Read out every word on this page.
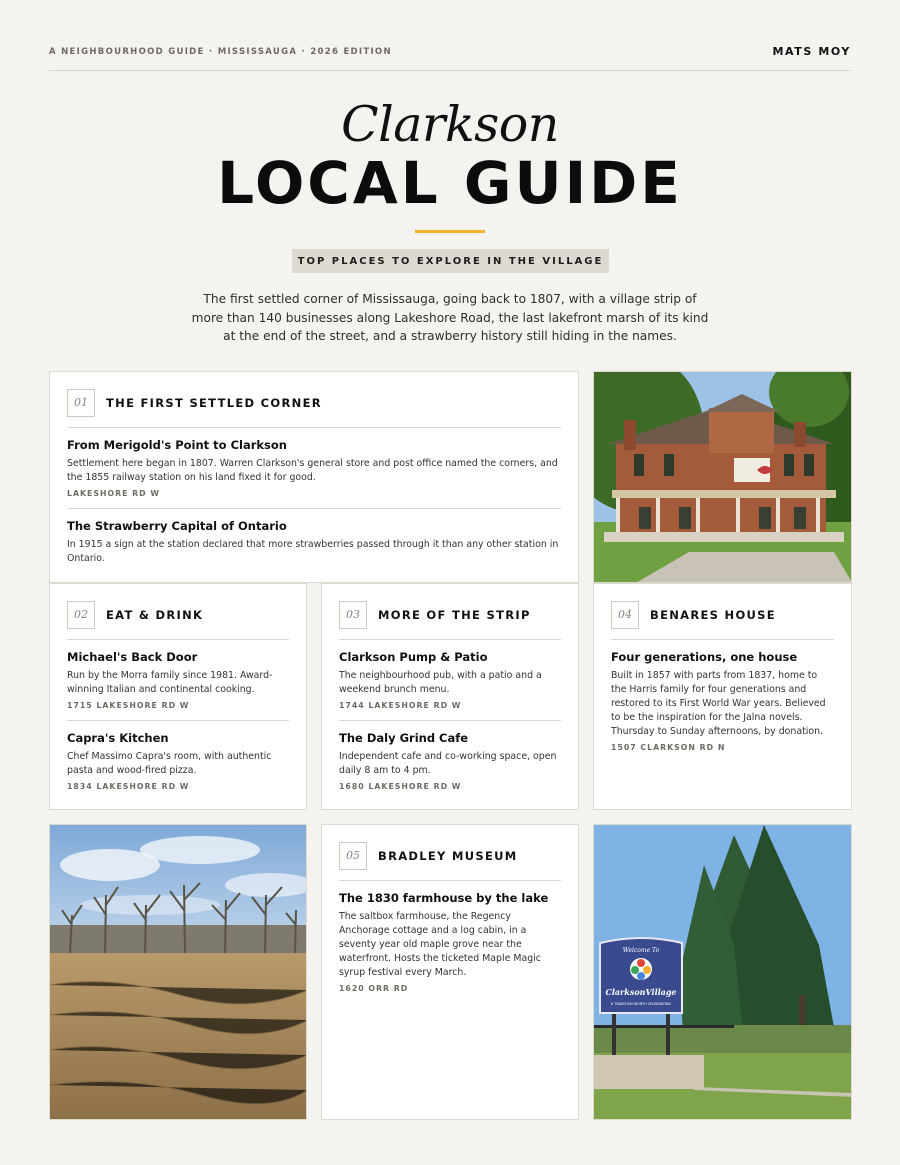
A NEIGHBOURHOOD GUIDE · MISSISSAUGA · 2026 EDITION	MATS MOY
Clarkson
LOCAL GUIDE
TOP PLACES TO EXPLORE IN THE VILLAGE

The first settled corner of Mississauga, going back to 1807, with a village strip of more than 140 businesses along Lakeshore Road, the last lakefront marsh of its kind at the end of the street, and a strawberry history still hiding in the names.

01	THE FIRST SETTLED CORNER
From Merigold's Point to Clarkson
Settlement here began in 1807. Warren Clarkson's general store and post office named the corners, and the 1855 railway station on his land fixed it for good.
LAKESHORE RD W
The Strawberry Capital of Ontario
In 1915 a sign at the station declared that more strawberries passed through it than any other station in Ontario.
02	EAT & DRINK
Michael's Back Door
Run by the Morra family since 1981. Award-winning Italian and continental cooking.
1715 LAKESHORE RD W
Capra's Kitchen
Chef Massimo Capra's room, with authentic pasta and wood-fired pizza.
1834 LAKESHORE RD W
03	MORE OF THE STRIP
Clarkson Pump & Patio
The neighbourhood pub, with a patio and a weekend brunch menu.
1744 LAKESHORE RD W
The Daly Grind Cafe
Independent cafe and co-working space, open daily 8 am to 4 pm.
1680 LAKESHORE RD W
04	BENARES HOUSE
Four generations, one house
Built in 1857 with parts from 1837, home to the Harris family for four generations and restored to its First World War years. Believed to be the inspiration for the Jalna novels. Thursday to Sunday afternoons, by donation.
1507 CLARKSON RD N
05	BRADLEY MUSEUM
The 1830 farmhouse by the lake
The saltbox farmhouse, the Regency Anchorage cottage and a log cabin, in a seventy year old maple grove near the waterfront. Hosts the ticketed Maple Magic syrup festival every March.
1620 ORR RD
Welcome To
ClarksonVillage
A TRADITION WORTH CELEBRATING
